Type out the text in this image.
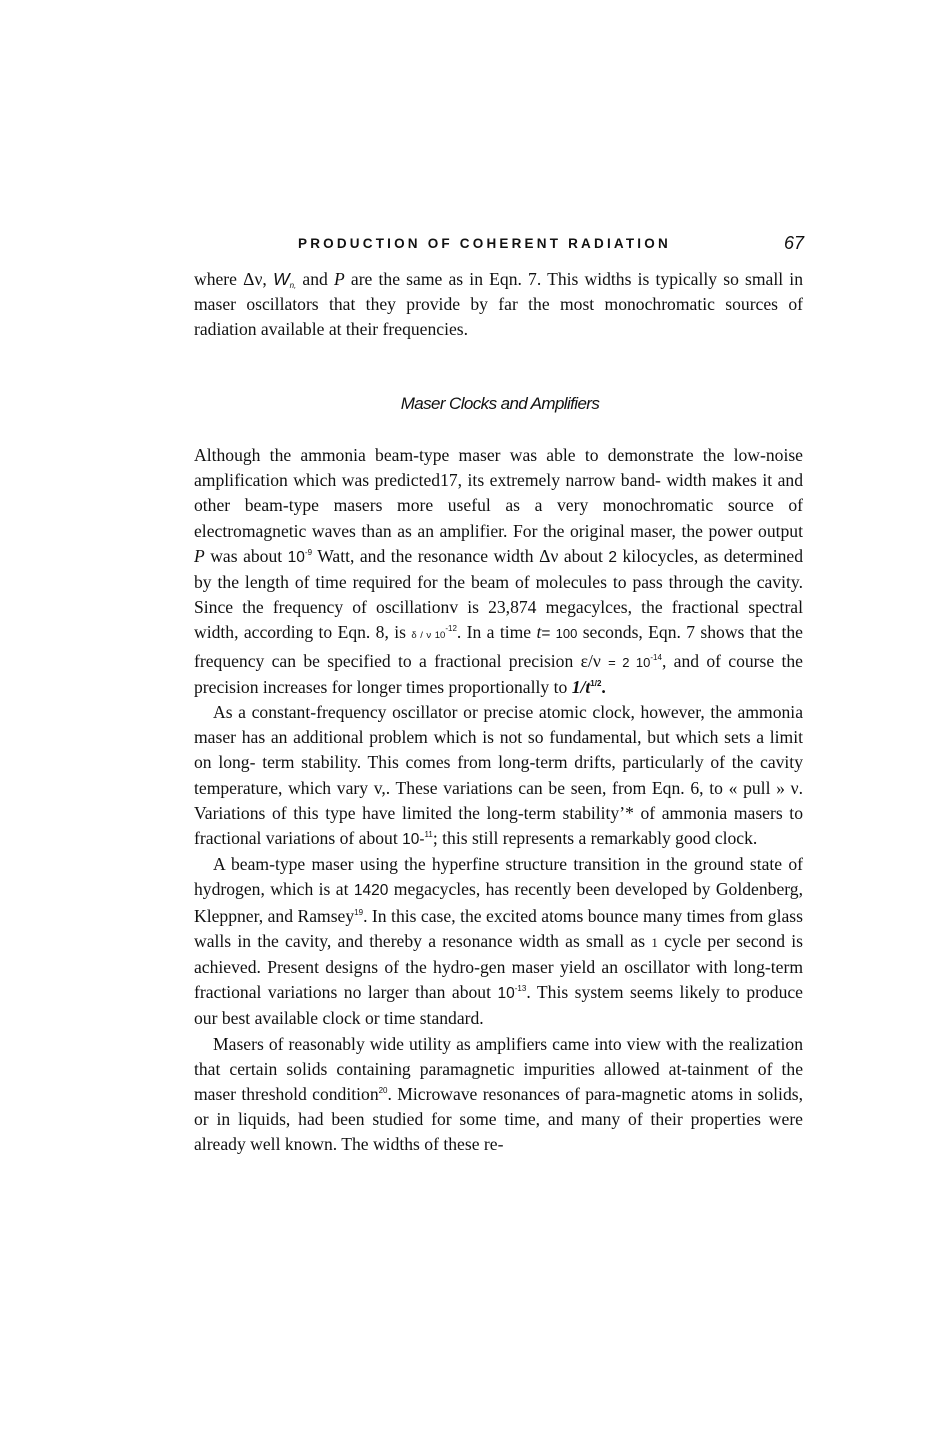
PRODUCTION OF COHERENT RADIATION	67
where Δν, $W_{n,}$ and P are the same as in Eqn. 7. This widths is typically so small in maser oscillators that they provide by far the most monochromatic sources of radiation available at their frequencies.
Maser Clocks and Amplifiers

Although the ammonia beam-type maser was able to demonstrate the low-noise amplification which was predicted17, its extremely narrow band- width makes it and other beam-type masers more useful as a very monochromatic source of electromagnetic waves than as an amplifier. For the original maser, the power output P was about $10^{-9}$ Watt, and the resonance width Δν about 2 kilocycles, as determined by the length of time required for the beam of molecules to pass through the cavity. Since the frequency of oscillationv is 23,874 megacylces, the fractional spectral width, according to Eqn. 8, is δ / ν $10^{-12}$. In a time t= 100 seconds, Eqn. 7 shows that the frequency can be specified to a fractional precision ε/ν = 2 $10^{-14}$, and of course the precision increases for longer times proportionally to $1/t^{1/2}$.

As a constant-frequency oscillator or precise atomic clock, however, the ammonia maser has an additional problem which is not so fundamental, but which sets a limit on long- term stability. This comes from long-term drifts, particularly of the cavity temperature, which vary v,. These variations can be seen, from Eqn. 6, to « pull » ν. Variations of this type have limited the long-term stability’* of ammonia masers to fractional variations of about 10-$^{11}$; this still represents a remarkably good clock.

A beam-type maser using the hyperfine structure transition in the ground state of hydrogen, which is at 1420 megacycles, has recently been developed by Goldenberg, Kleppner, and Ramsey$^{19}$. In this case, the excited atoms bounce many times from glass walls in the cavity, and thereby a resonance width as small as 1 cycle per second is achieved. Present designs of the hydro-gen maser yield an oscillator with long-term fractional variations no larger than about $10^{-13}$. This system seems likely to produce our best available clock or time standard.

Masers of reasonably wide utility as amplifiers came into view with the realization that certain solids containing paramagnetic impurities allowed at-tainment of the maser threshold condition$^{20}$. Microwave resonances of para-magnetic atoms in solids, or in liquids, had been studied for some time, and many of their properties were already well known. The widths of these re-
